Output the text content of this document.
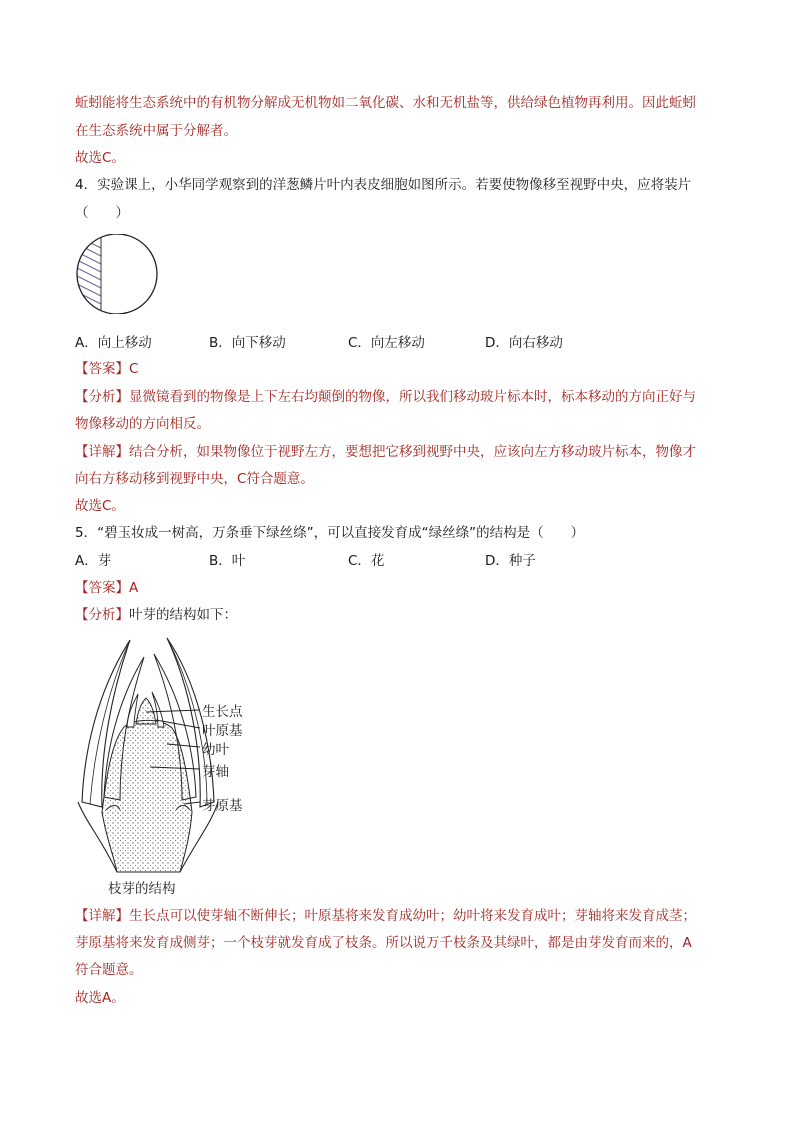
蚯蚓能将生态系统中的有机物分解成无机物如二氧化碳、水和无机盐等，供给绿色植物再利用。因此蚯蚓
在生态系统中属于分解者。
故选C。
4．实验课上，小华同学观察到的洋葱鳞片叶内表皮细胞如图所示。若要使物像移至视野中央，应将装片
（　　）
A．向上移动	B．向下移动	C．向左移动	D．向右移动
【答案】C
【分析】显微镜看到的物像是上下左右均颠倒的物像，所以我们移动玻片标本时，标本移动的方向正好与
物像移动的方向相反。
【详解】结合分析，如果物像位于视野左方，要想把它移到视野中央，应该向左方移动玻片标本，物像才
向右方移动移到视野中央，C符合题意。
故选C。
5．“碧玉妆成一树高，万条垂下绿丝绦”，可以直接发育成“绿丝绦”的结构是（　　）
A．芽	B．叶	C．花	D．种子
【答案】A
【分析】叶芽的结构如下：
生长点
叶原基
幼叶
芽轴
芽原基
枝芽的结构
【详解】生长点可以使芽轴不断伸长；叶原基将来发育成幼叶；幼叶将来发育成叶；芽轴将来发育成茎；
芽原基将来发育成侧芽；一个枝芽就发育成了枝条。所以说万千枝条及其绿叶，都是由芽发育而来的，A
符合题意。
故选A。
